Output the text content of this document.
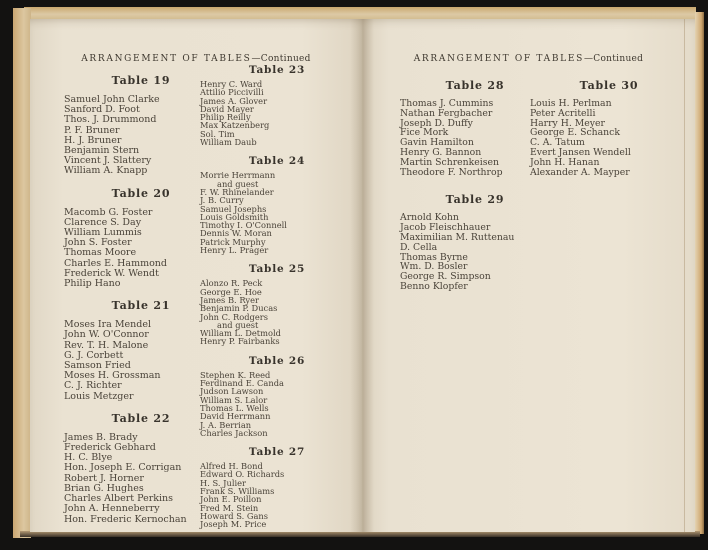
ARRANGEMENT OF TABLES—Continued
Table 19
Samuel John Clarke
Sanford D. Foot
Thos. J. Drummond
P. F. Bruner
H. J. Bruner
Benjamin Stern
Vincent J. Slattery
William A. Knapp
Table 20
Macomb G. Foster
Clarence S. Day
William Lummis
John S. Foster
Thomas Moore
Charles E. Hammond
Frederick W. Wendt
Philip Hano
Table 21
Moses Ira Mendel
John W. O'Connor
Rev. T. H. Malone
G. J. Corbett
Samson Fried
Moses H. Grossman
C. J. Richter
Louis Metzger
Table 22
James B. Brady
Frederick Gebhard
H. C. Blye
Hon. Joseph E. Corrigan
Robert J. Horner
Brian G. Hughes
Charles Albert Perkins
John A. Henneberry
Hon. Frederic Kernochan
Table 23
Henry C. Ward
Attilio Piccivilli
James A. Glover
David Mayer
Philip Reilly
Max Katzenberg
Sol. Tim
William Daub
Table 24
Morrie Herrmann
and guest
F. W. Rhinelander
J. B. Curry
Samuel Josephs
Louis Goldsmith
Timothy I. O'Connell
Dennis W. Moran
Patrick Murphy
Henry L. Prager
Table 25
Alonzo R. Peck
George E. Hoe
James B. Ryer
Benjamin P. Ducas
John C. Rodgers
and guest
William L. Detmold
Henry P. Fairbanks
Table 26
Stephen K. Reed
Ferdinand E. Canda
Judson Lawson
William S. Lalor
Thomas L. Wells
David Herrmann
J. A. Berrian
Charles Jackson
Table 27
Alfred H. Bond
Edward O. Richards
H. S. Julier
Frank S. Williams
John E. Poillon
Fred M. Stein
Howard S. Gans
Joseph M. Price
ARRANGEMENT OF TABLES—Continued
Table 28
Thomas J. Cummins
Nathan Fergbacher
Joseph D. Duffy
Fice Mork
Gavin Hamilton
Henry G. Bannon
Martin Schrenkeisen
Theodore F. Northrop
Table 29
Arnold Kohn
Jacob Fleischhauer
Maximilian M. Ruttenau
D. Cella
Thomas Byrne
Wm. D. Bosler
George R. Simpson
Benno Klopfer
Table 30
Louis H. Perlman
Peter Acritelli
Harry H. Meyer
George E. Schanck
C. A. Tatum
Evert Jansen Wendell
John H. Hanan
Alexander A. Mayper
